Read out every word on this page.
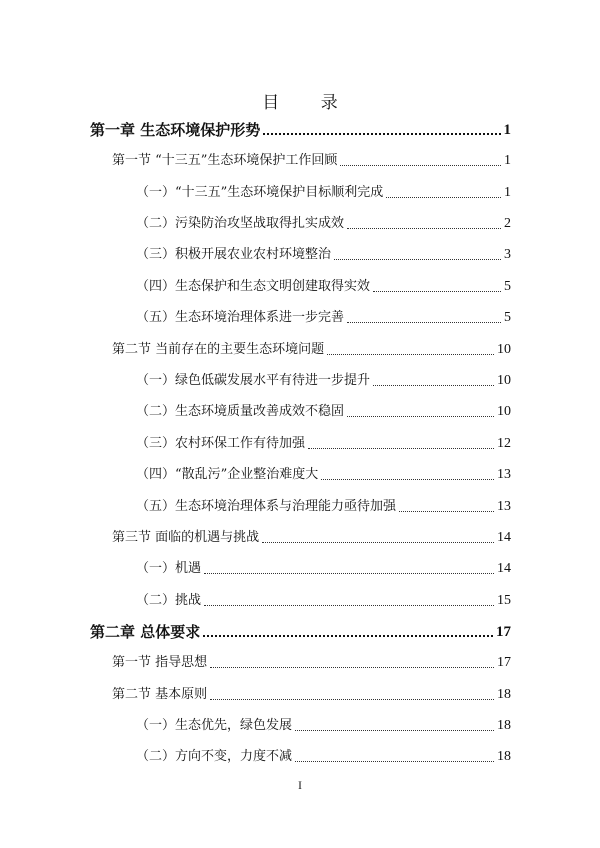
目 录
第一章 生态环境保护形势	1
第一节 “十三五”生态环境保护工作回顾	1
（一）“十三五”生态环境保护目标顺利完成	1
（二）污染防治攻坚战取得扎实成效	2
（三）积极开展农业农村环境整治	3
（四）生态保护和生态文明创建取得实效	5
（五）生态环境治理体系进一步完善	5
第二节 当前存在的主要生态环境问题	10
（一）绿色低碳发展水平有待进一步提升	10
（二）生态环境质量改善成效不稳固	10
（三）农村环保工作有待加强	12
（四）“散乱污”企业整治难度大	13
（五）生态环境治理体系与治理能力亟待加强	13
第三节 面临的机遇与挑战	14
（一）机遇	14
（二）挑战	15
第二章 总体要求	17
第一节 指导思想	17
第二节 基本原则	18
（一）生态优先，绿色发展	18
（二）方向不变，力度不减	18
I
